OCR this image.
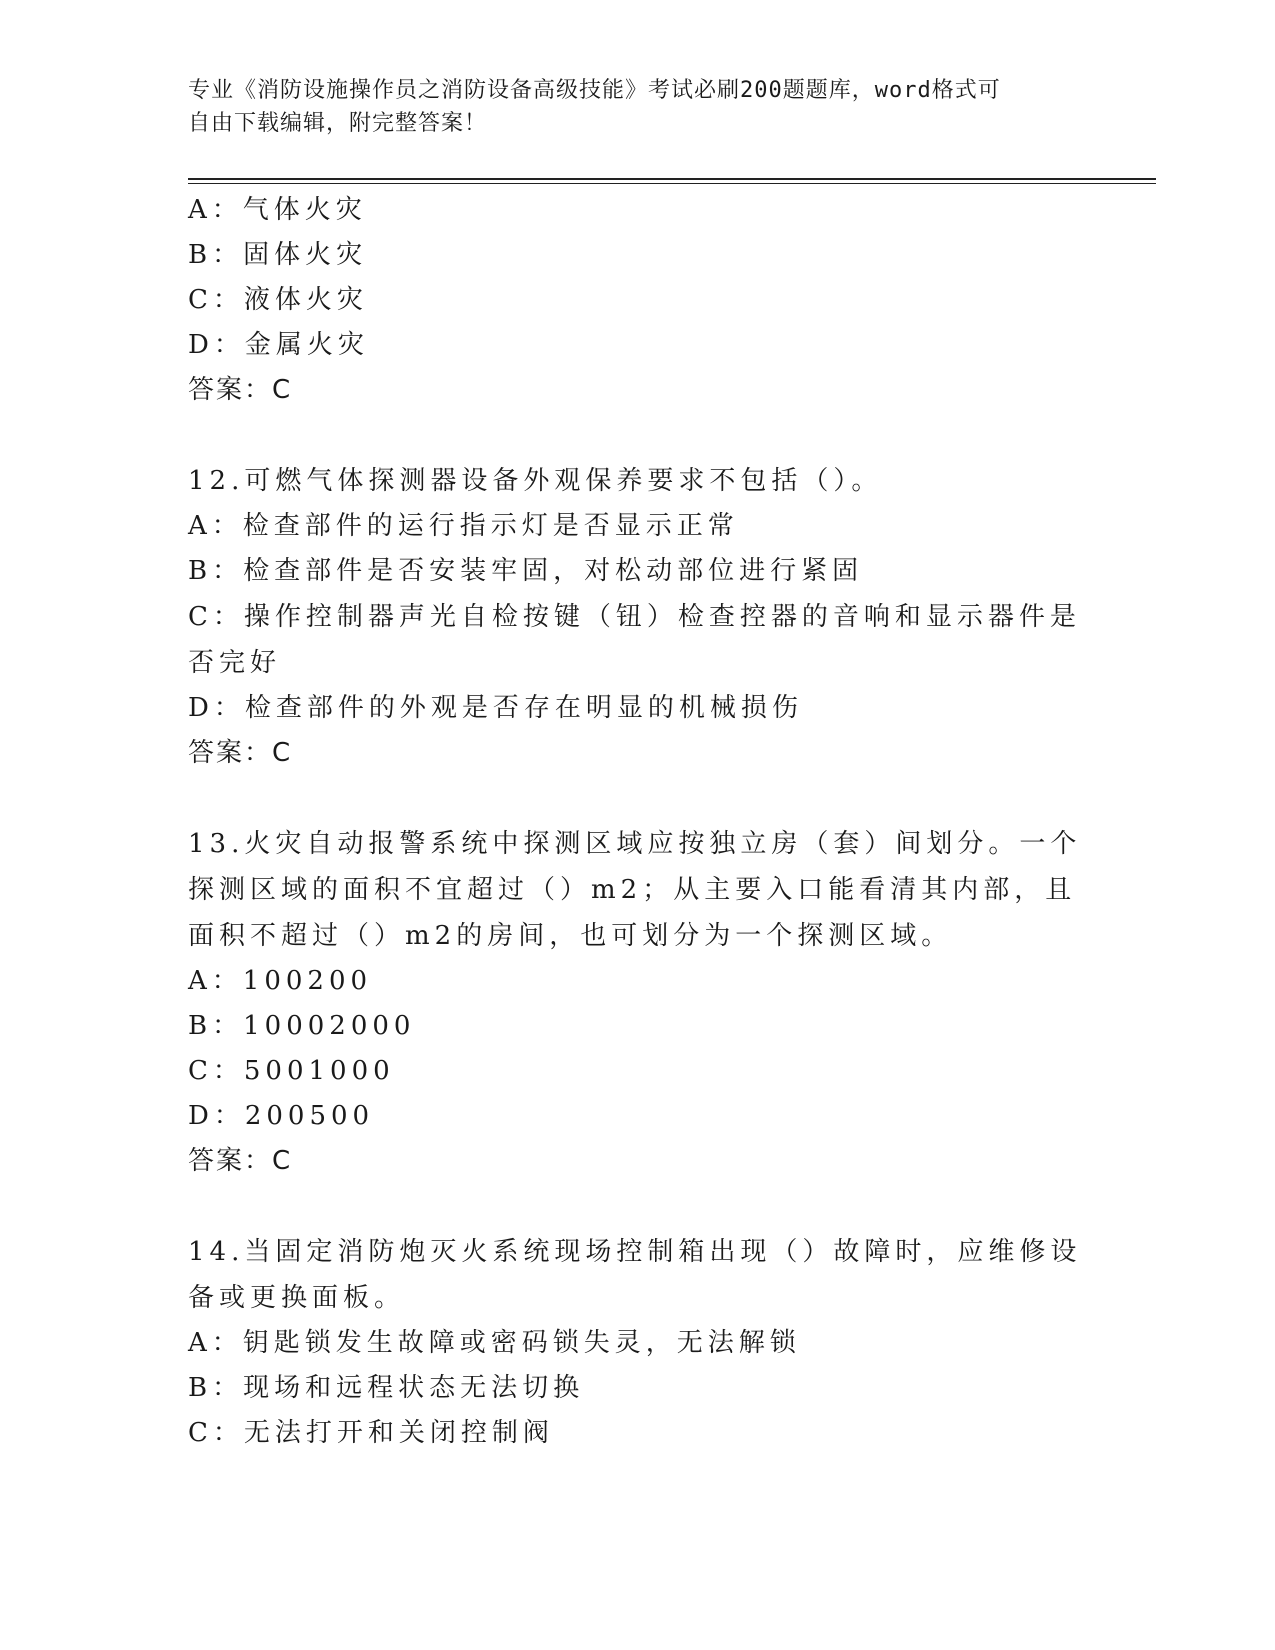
专业《消防设施操作员之消防设备高级技能》考试必刷200题题库，word格式可
自由下载编辑，附完整答案！
A：气体火灾
B：固体火灾
C：液体火灾
D：金属火灾
答案：C
12.可燃气体探测器设备外观保养要求不包括（）。
A：检查部件的运行指示灯是否显示正常
B：检查部件是否安装牢固，对松动部位进行紧固
C：操作控制器声光自检按键（钮）检查控器的音响和显示器件是否完好
D：检查部件的外观是否存在明显的机械损伤
答案：C
13.火灾自动报警系统中探测区域应按独立房（套）间划分。一个探测区域的面积不宜超过（）m2；从主要入口能看清其内部，且面积不超过（）m2的房间，也可划分为一个探测区域。
A：100200
B：10002000
C：5001000
D：200500
答案：C
14.当固定消防炮灭火系统现场控制箱出现（）故障时，应维修设备或更换面板。
A：钥匙锁发生故障或密码锁失灵，无法解锁
B：现场和远程状态无法切换
C：无法打开和关闭控制阀
